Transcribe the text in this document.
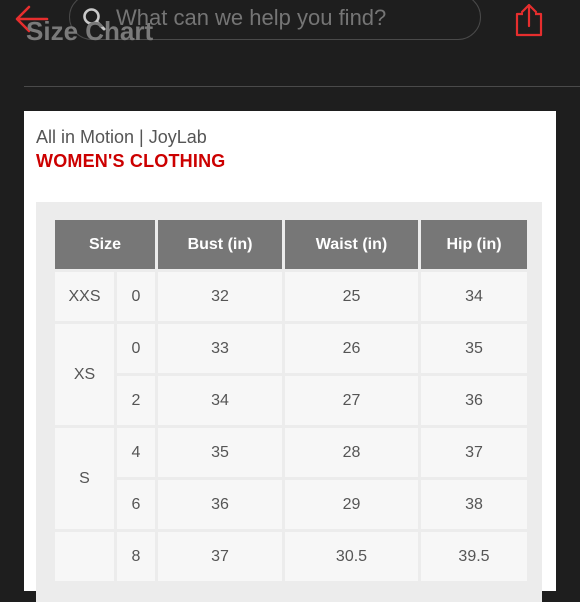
What can we help you find?
Size Chart
All in Motion | JoyLab
WOMEN'S CLOTHING
Size		Bust (in)	Waist (in)	Hip (in)
XXS	0	32	25	34
XS	0	33	26	35
	2	34	27	36
S	4	35	28	37
	6	36	29	38
	8	37	30.5	39.5
